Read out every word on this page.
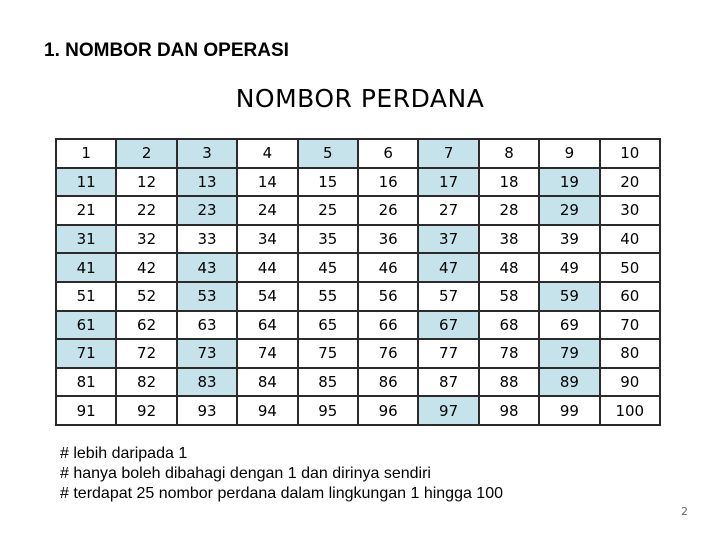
1. NOMBOR DAN OPERASI
NOMBOR PERDANA
1	2	3	4	5	6	7	8	9	10
11	12	13	14	15	16	17	18	19	20
21	22	23	24	25	26	27	28	29	30
31	32	33	34	35	36	37	38	39	40
41	42	43	44	45	46	47	48	49	50
51	52	53	54	55	56	57	58	59	60
61	62	63	64	65	66	67	68	69	70
71	72	73	74	75	76	77	78	79	80
81	82	83	84	85	86	87	88	89	90
91	92	93	94	95	96	97	98	99	100
# lebih daripada 1
# hanya boleh dibahagi dengan 1 dan dirinya sendiri
# terdapat 25 nombor perdana dalam lingkungan 1 hingga 100
2
